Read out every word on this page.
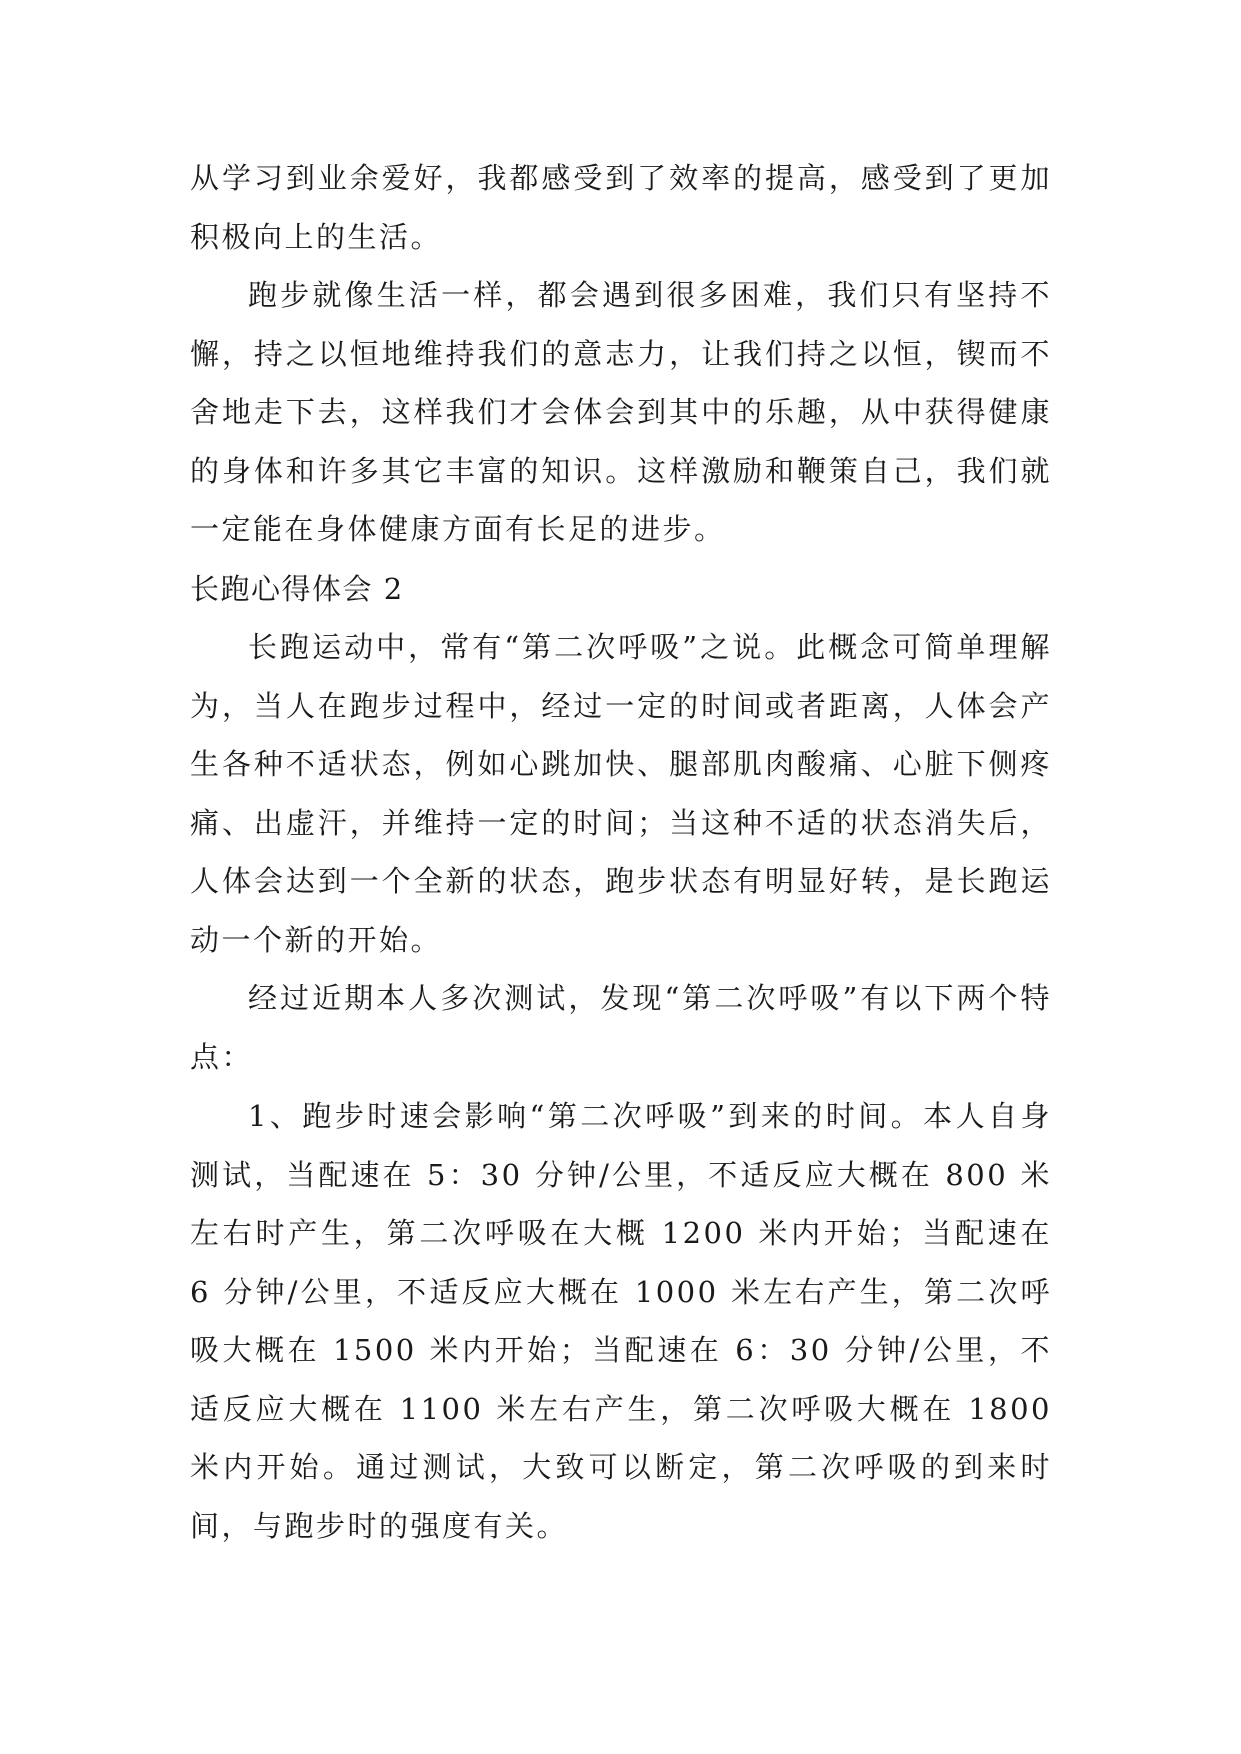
从学习到业余爱好，我都感受到了效率的提高，感受到了更加积极向上的生活。

跑步就像生活一样，都会遇到很多困难，我们只有坚持不懈，持之以恒地维持我们的意志力，让我们持之以恒，锲而不舍地走下去，这样我们才会体会到其中的乐趣，从中获得健康的身体和许多其它丰富的知识。这样激励和鞭策自己，我们就一定能在身体健康方面有长足的进步。

长跑心得体会 2

长跑运动中，常有“第二次呼吸”之说。此概念可简单理解为，当人在跑步过程中，经过一定的时间或者距离，人体会产生各种不适状态，例如心跳加快、腿部肌肉酸痛、心脏下侧疼痛、出虚汗，并维持一定的时间；当这种不适的状态消失后，人体会达到一个全新的状态，跑步状态有明显好转，是长跑运动一个新的开始。

经过近期本人多次测试，发现“第二次呼吸”有以下两个特点：

1、跑步时速会影响“第二次呼吸”到来的时间。本人自身测试，当配速在 5：30 分钟/公里，不适反应大概在 800 米左右时产生，第二次呼吸在大概 1200 米内开始；当配速在 6 分钟/公里，不适反应大概在 1000 米左右产生，第二次呼吸大概在 1500 米内开始；当配速在 6：30 分钟/公里，不适反应大概在 1100 米左右产生，第二次呼吸大概在 1800 米内开始。通过测试，大致可以断定，第二次呼吸的到来时间，与跑步时的强度有关。
